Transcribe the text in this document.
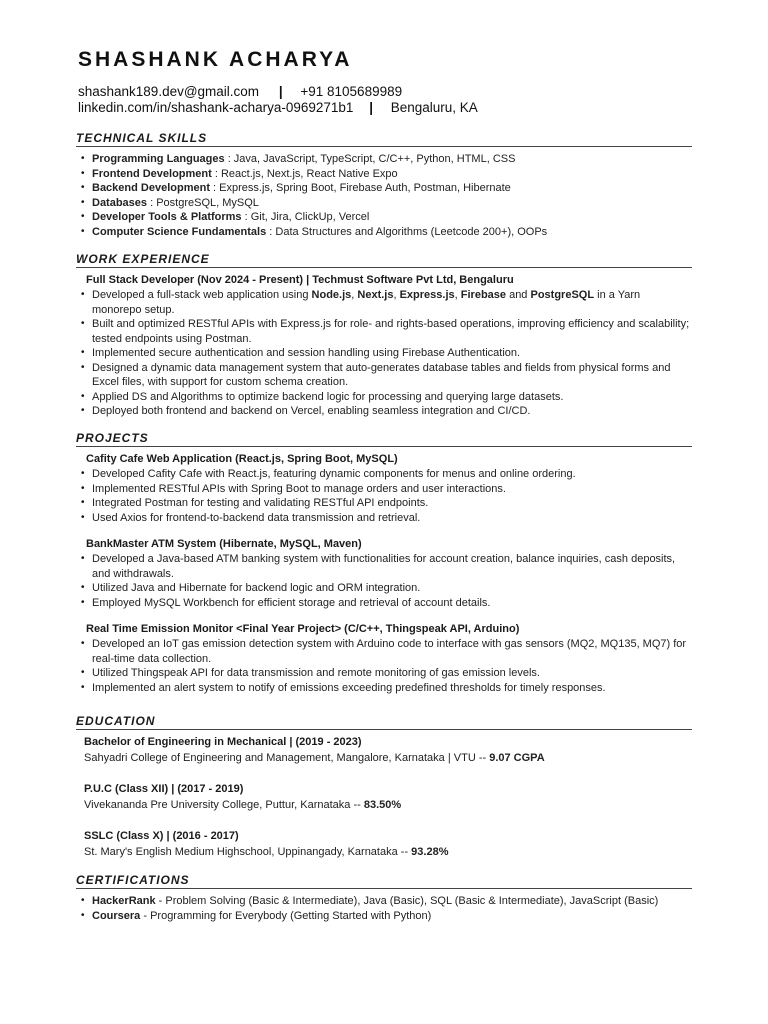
SHASHANK ACHARYA
shashank189.dev@gmail.com | +91 8105689989
linkedin.com/in/shashank-acharya-0969271b1 | Bengaluru, KA
TECHNICAL SKILLS
• Programming Languages : Java, JavaScript, TypeScript, C/C++, Python, HTML, CSS
• Frontend Development : React.js, Next.js, React Native Expo
• Backend Development : Express.js, Spring Boot, Firebase Auth, Postman, Hibernate
• Databases : PostgreSQL, MySQL
• Developer Tools & Platforms : Git, Jira, ClickUp, Vercel
• Computer Science Fundamentals : Data Structures and Algorithms (Leetcode 200+), OOPs
WORK EXPERIENCE
Full Stack Developer (Nov 2024 - Present) | Techmust Software Pvt Ltd, Bengaluru
• Developed a full-stack web application using Node.js, Next.js, Express.js, Firebase and PostgreSQL in a Yarn monorepo setup.
• Built and optimized RESTful APIs with Express.js for role- and rights-based operations, improving efficiency and scalability; tested endpoints using Postman.
• Implemented secure authentication and session handling using Firebase Authentication.
• Designed a dynamic data management system that auto-generates database tables and fields from physical forms and Excel files, with support for custom schema creation.
• Applied DS and Algorithms to optimize backend logic for processing and querying large datasets.
• Deployed both frontend and backend on Vercel, enabling seamless integration and CI/CD.
PROJECTS
Cafity Cafe Web Application (React.js, Spring Boot, MySQL)
• Developed Cafity Cafe with React.js, featuring dynamic components for menus and online ordering.
• Implemented RESTful APIs with Spring Boot to manage orders and user interactions.
• Integrated Postman for testing and validating RESTful API endpoints.
• Used Axios for frontend-to-backend data transmission and retrieval.
BankMaster ATM System (Hibernate, MySQL, Maven)
• Developed a Java-based ATM banking system with functionalities for account creation, balance inquiries, cash deposits, and withdrawals.
• Utilized Java and Hibernate for backend logic and ORM integration.
• Employed MySQL Workbench for efficient storage and retrieval of account details.
Real Time Emission Monitor <Final Year Project> (C/C++, Thingspeak API, Arduino)
• Developed an IoT gas emission detection system with Arduino code to interface with gas sensors (MQ2, MQ135, MQ7) for real-time data collection.
• Utilized Thingspeak API for data transmission and remote monitoring of gas emission levels.
• Implemented an alert system to notify of emissions exceeding predefined thresholds for timely responses.
EDUCATION
Bachelor of Engineering in Mechanical | (2019 - 2023)
Sahyadri College of Engineering and Management, Mangalore, Karnataka | VTU -- 9.07 CGPA
P.U.C (Class XII) | (2017 - 2019)
Vivekananda Pre University College, Puttur, Karnataka -- 83.50%
SSLC (Class X) | (2016 - 2017)
St. Mary's English Medium Highschool, Uppinangady, Karnataka -- 93.28%
CERTIFICATIONS
• HackerRank - Problem Solving (Basic & Intermediate), Java (Basic), SQL (Basic & Intermediate), JavaScript (Basic)
• Coursera - Programming for Everybody (Getting Started with Python)
